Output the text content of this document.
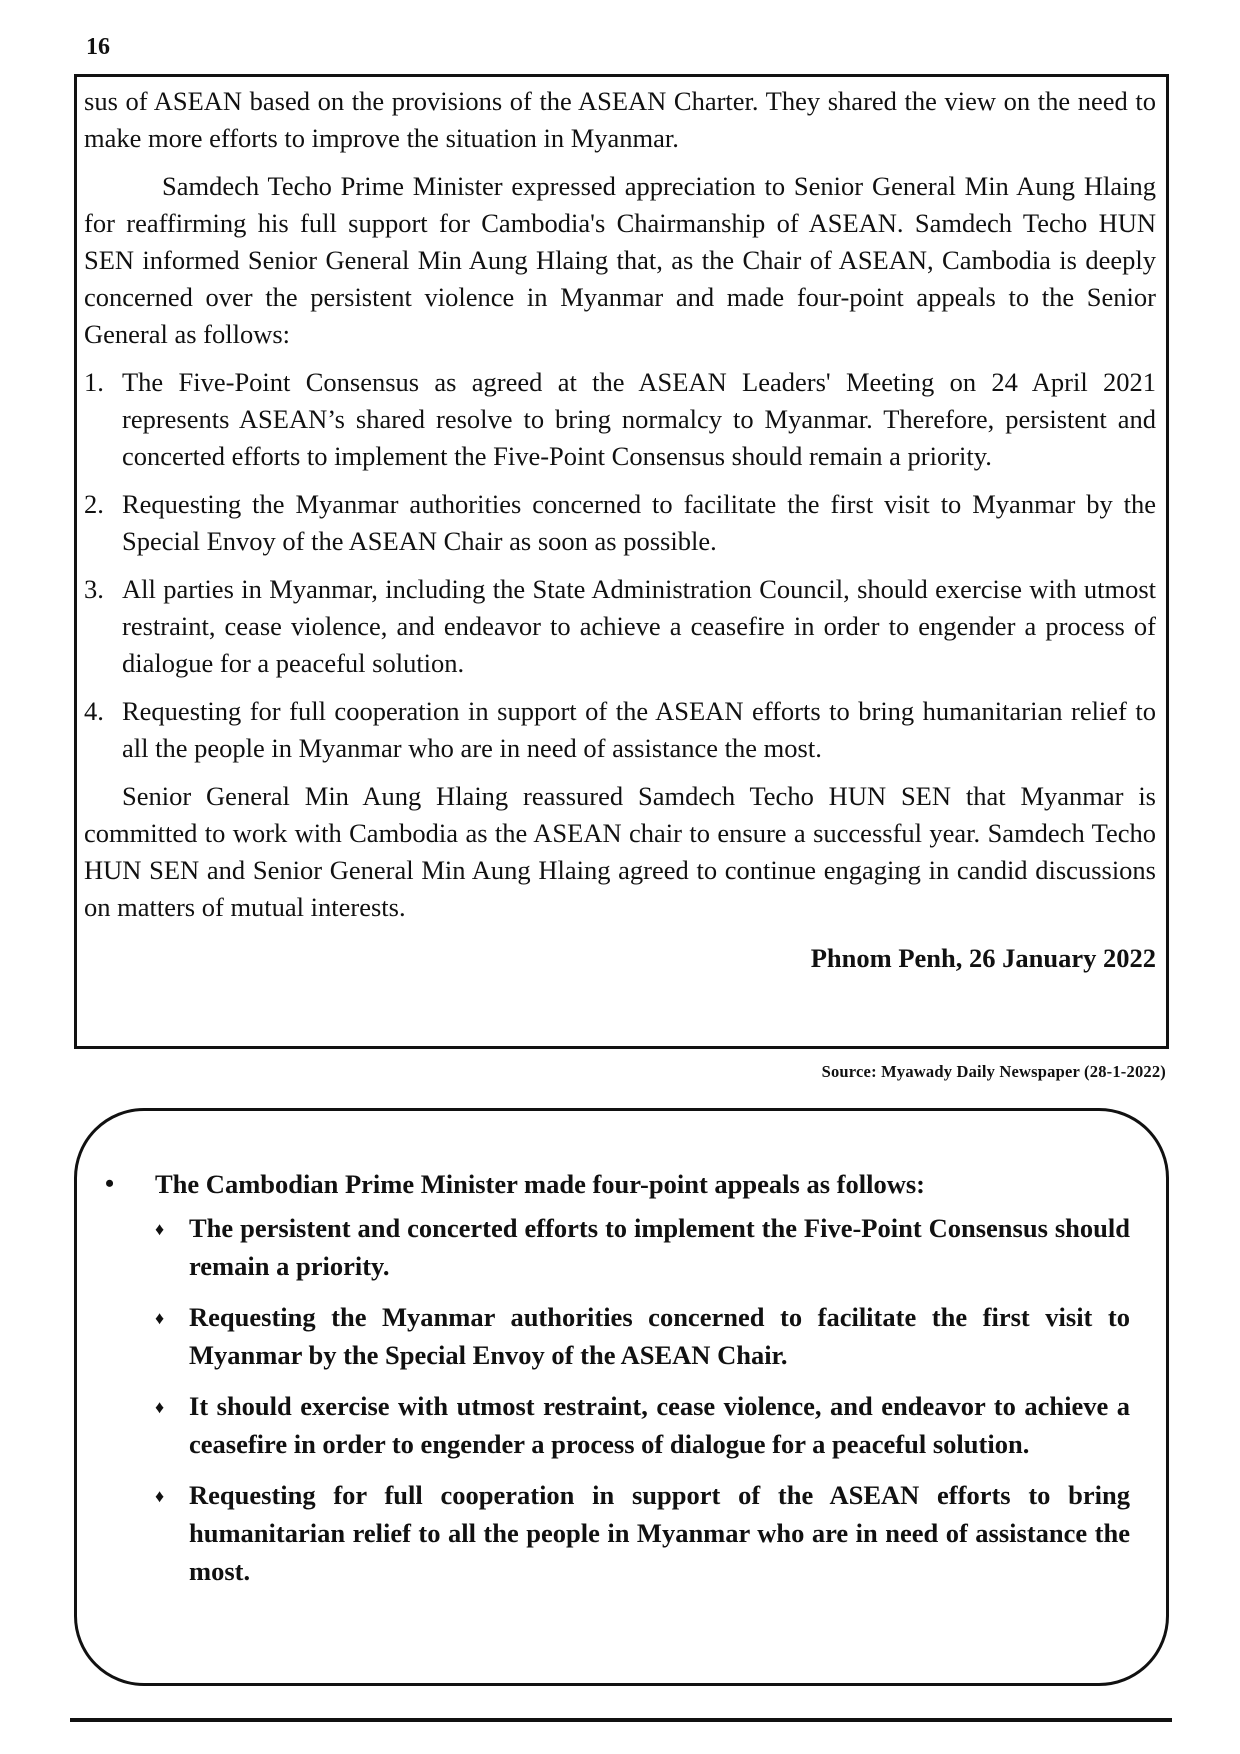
16

sus of ASEAN based on the provisions of the ASEAN Charter. They shared the view on the need to make more efforts to improve the situation in Myanmar.

Samdech Techo Prime Minister expressed appreciation to Senior General Min Aung Hlaing for reaffirming his full support for Cambodia's Chairmanship of ASEAN. Samdech Techo HUN SEN informed Senior General Min Aung Hlaing that, as the Chair of ASEAN, Cambodia is deeply concerned over the persistent violence in Myanmar and made four-point appeals to the Senior General as follows:

1. The Five-Point Consensus as agreed at the ASEAN Leaders' Meeting on 24 April 2021 represents ASEAN’s shared resolve to bring normalcy to Myanmar. Therefore, persistent and concerted efforts to implement the Five-Point Consensus should remain a priority.
2. Requesting the Myanmar authorities concerned to facilitate the first visit to Myanmar by the Special Envoy of the ASEAN Chair as soon as possible.
3. All parties in Myanmar, including the State Administration Council, should exercise with utmost restraint, cease violence, and endeavor to achieve a ceasefire in order to engender a process of dialogue for a peaceful solution.
4. Requesting for full cooperation in support of the ASEAN efforts to bring humanitarian relief to all the people in Myanmar who are in need of assistance the most.

Senior General Min Aung Hlaing reassured Samdech Techo HUN SEN that Myanmar is committed to work with Cambodia as the ASEAN chair to ensure a successful year. Samdech Techo HUN SEN and Senior General Min Aung Hlaing agreed to continue engaging in candid discussions on matters of mutual interests.

Phnom Penh, 26 January 2022
Source: Myawady Daily Newspaper (28-1-2022)
• The Cambodian Prime Minister made four-point appeals as follows:
♦ The persistent and concerted efforts to implement the Five-Point Consensus should remain a priority.
♦ Requesting the Myanmar authorities concerned to facilitate the first visit to Myanmar by the Special Envoy of the ASEAN Chair.
♦ It should exercise with utmost restraint, cease violence, and endeavor to achieve a ceasefire in order to engender a process of dialogue for a peaceful solution.
♦ Requesting for full cooperation in support of the ASEAN efforts to bring humanitarian relief to all the people in Myanmar who are in need of assistance the most.
